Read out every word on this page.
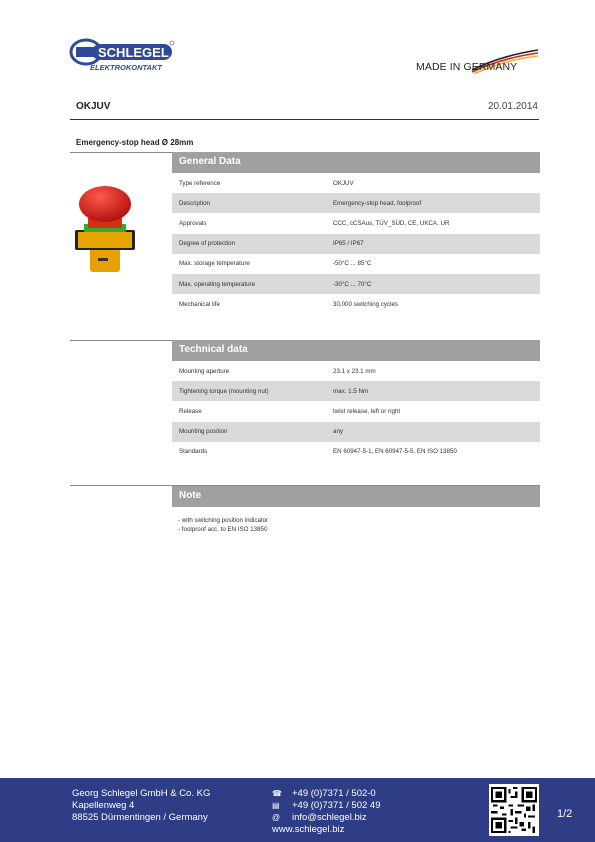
SCHLEGEL
ELEKTROKONTAKT	MADE IN GERMANY
OKJUV	20.01.2014
Emergency-stop head Ø 28mm
General Data
Type reference	OKJUV
Description	Emergency-stop head, foolproof
Approvals	CCC, cCSAus, TÜV_SÜD, CE, UKCA, UR
Degree of protection	IP65 / IP67
Max. storage temperature	-50°C ... 85°C
Max. operating temperature	-30°C ... 70°C
Mechanical life	30,000 switching cycles
Technical data
Mounting aperture	23.1 x 23.1 mm
Tightening torque (mounting nut)	max. 1.5 Nm
Release	twist release, left or right
Mounting position	any
Standards	EN 60947-5-1, EN 60947-5-5, EN ISO 13850
Note
- with switching position indicator
- foolproof acc. to EN ISO 13850
Georg Schlegel GmbH & Co. KG
Kapellenweg 4
88525 Dürmentingen / Germany
☎	+49 (0)7371 / 502-0
▤	+49 (0)7371 / 502 49
@	info@schlegel.biz
www.schlegel.biz
1/2
